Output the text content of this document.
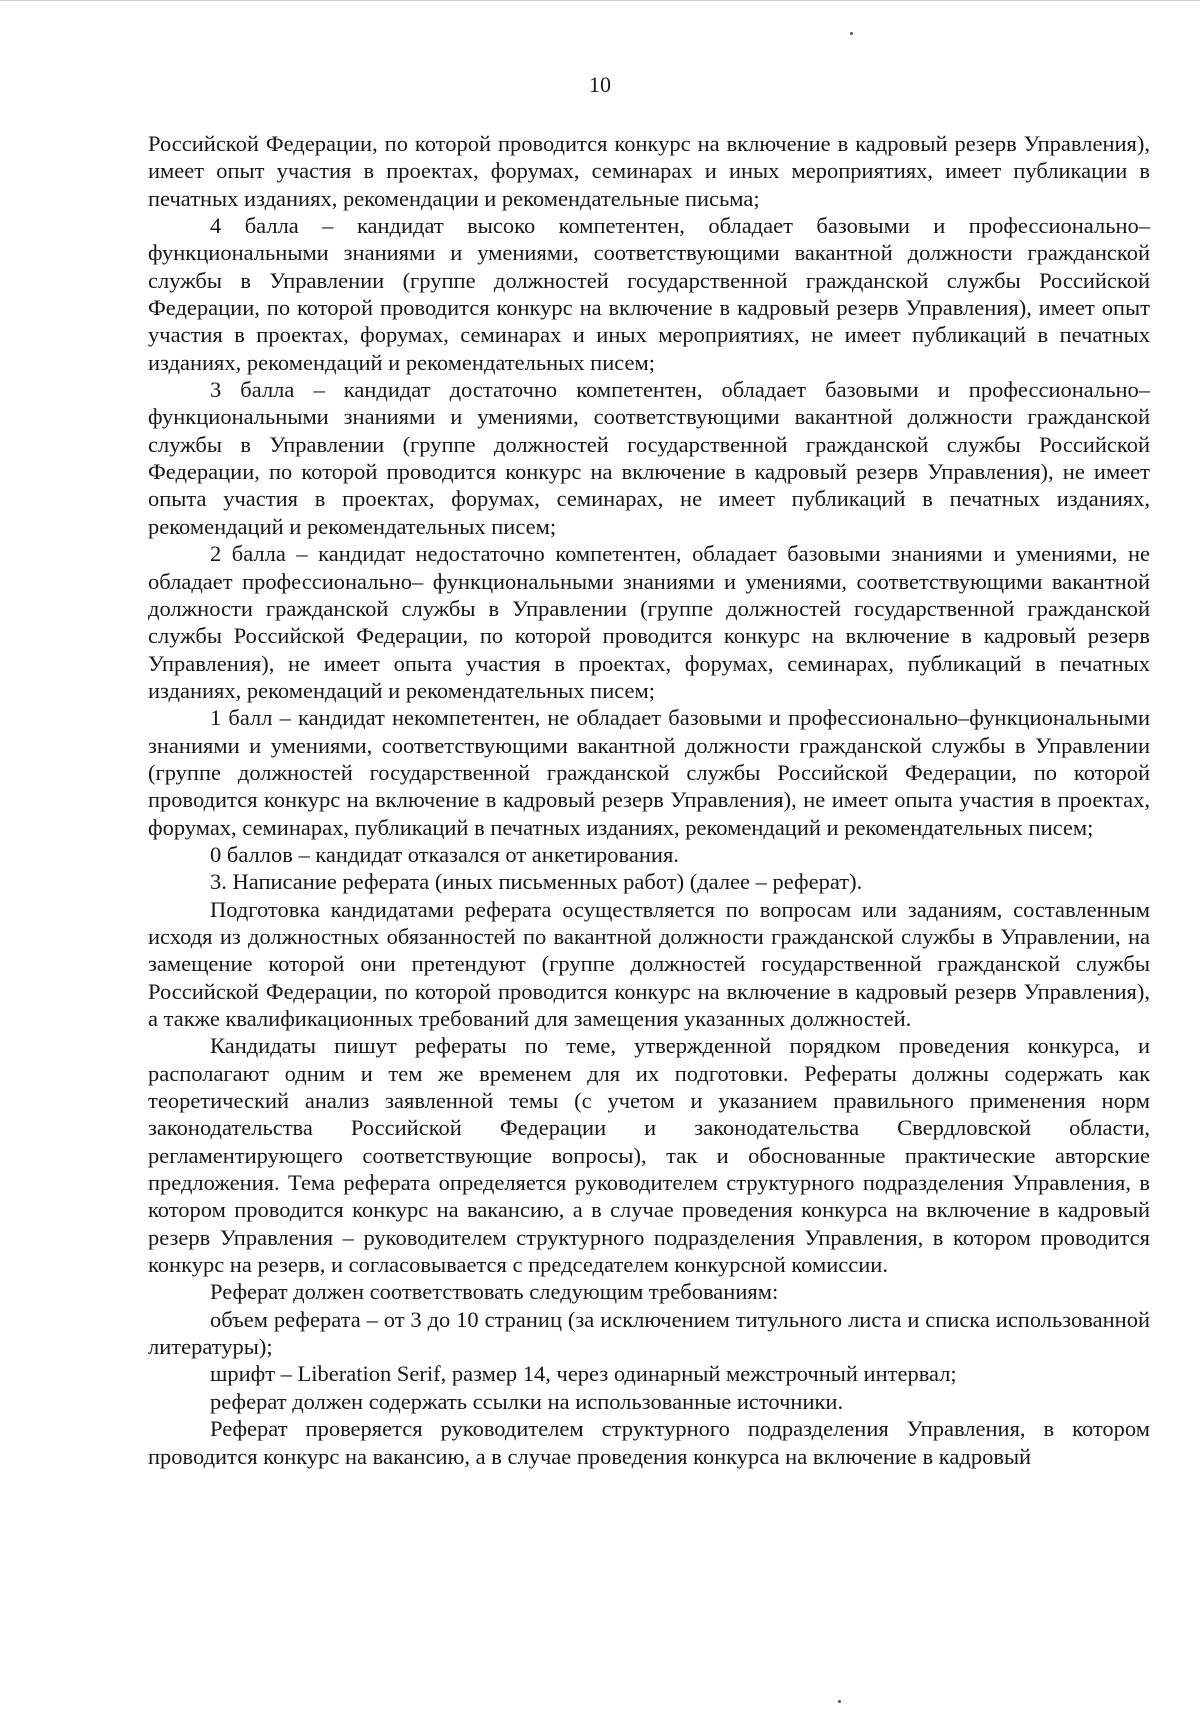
10

Российской Федерации, по которой проводится конкурс на включение в кадровый резерв Управления), имеет опыт участия в проектах, форумах, семинарах и иных мероприятиях, имеет публикации в печатных изданиях, рекомендации и рекомендательные письма;

4 балла – кандидат высоко компетентен, обладает базовыми и профессионально–функциональными знаниями и умениями, соответствующими вакантной должности гражданской службы в Управлении (группе должностей государственной гражданской службы Российской Федерации, по которой проводится конкурс на включение в кадровый резерв Управления), имеет опыт участия в проектах, форумах, семинарах и иных мероприятиях, не имеет публикаций в печатных изданиях, рекомендаций и рекомендательных писем;

3 балла – кандидат достаточно компетентен, обладает базовыми и профессионально–функциональными знаниями и умениями, соответствующими вакантной должности гражданской службы в Управлении (группе должностей государственной гражданской службы Российской Федерации, по которой проводится конкурс на включение в кадровый резерв Управления), не имеет опыта участия в проектах, форумах, семинарах, не имеет публикаций в печатных изданиях, рекомендаций и рекомендательных писем;

2 балла – кандидат недостаточно компетентен, обладает базовыми знаниями и умениями, не обладает профессионально– функциональными знаниями и умениями, соответствующими вакантной должности гражданской службы в Управлении (группе должностей государственной гражданской службы Российской Федерации, по которой проводится конкурс на включение в кадровый резерв Управления), не имеет опыта участия в проектах, форумах, семинарах, публикаций в печатных изданиях, рекомендаций и рекомендательных писем;

1 балл – кандидат некомпетентен, не обладает базовыми и профессионально–функциональными знаниями и умениями, соответствующими вакантной должности гражданской службы в Управлении (группе должностей государственной гражданской службы Российской Федерации, по которой проводится конкурс на включение в кадровый резерв Управления), не имеет опыта участия в проектах, форумах, семинарах, публикаций в печатных изданиях, рекомендаций и рекомендательных писем;

0 баллов – кандидат отказался от анкетирования.

3. Написание реферата (иных письменных работ) (далее – реферат).

Подготовка кандидатами реферата осуществляется по вопросам или заданиям, составленным исходя из должностных обязанностей по вакантной должности гражданской службы в Управлении, на замещение которой они претендуют (группе должностей государственной гражданской службы Российской Федерации, по которой проводится конкурс на включение в кадровый резерв Управления), а также квалификационных требований для замещения указанных должностей.

Кандидаты пишут рефераты по теме, утвержденной порядком проведения конкурса, и располагают одним и тем же временем для их подготовки. Рефераты должны содержать как теоретический анализ заявленной темы (с учетом и указанием правильного применения норм законодательства Российской Федерации и законодательства Свердловской области, регламентирующего соответствующие вопросы), так и обоснованные практические авторские предложения. Тема реферата определяется руководителем структурного подразделения Управления, в котором проводится конкурс на вакансию, а в случае проведения конкурса на включение в кадровый резерв Управления – руководителем структурного подразделения Управления, в котором проводится конкурс на резерв, и согласовывается с председателем конкурсной комиссии.

Реферат должен соответствовать следующим требованиям:

объем реферата – от 3 до 10 страниц (за исключением титульного листа и списка использованной литературы);

шрифт – Liberation Serif, размер 14, через одинарный межстрочный интервал;

реферат должен содержать ссылки на использованные источники.

Реферат проверяется руководителем структурного подразделения Управления, в котором проводится конкурс на вакансию, а в случае проведения конкурса на включение в кадровый
